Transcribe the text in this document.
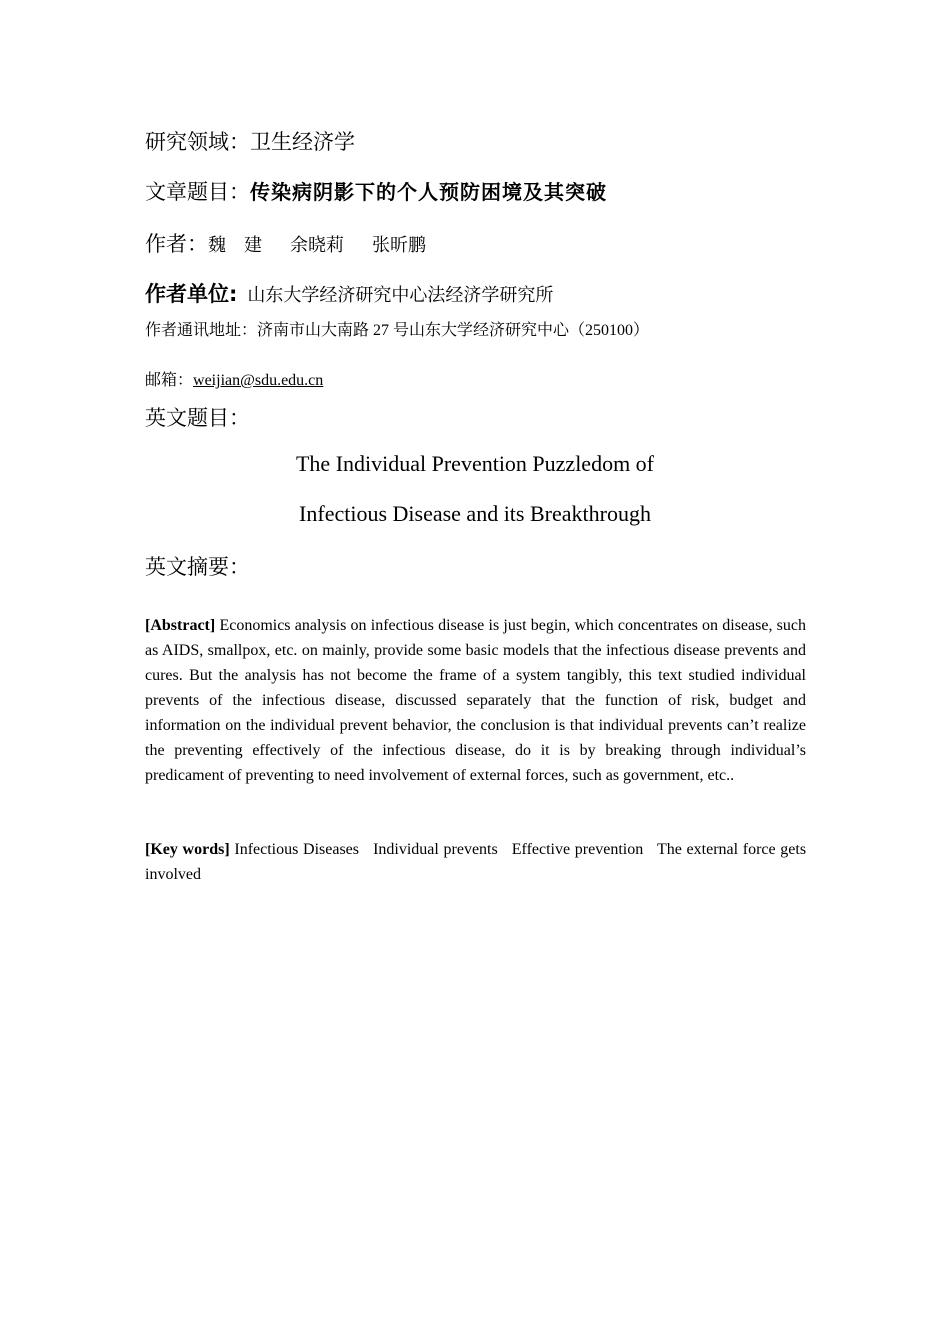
研究领域：卫生经济学
文章题目：传染病阴影下的个人预防困境及其突破
作者：魏　建 余晓莉 张昕鹏
作者单位: 山东大学经济研究中心法经济学研究所
作者通讯地址：济南市山大南路 27 号山东大学经济研究中心（250100）
邮箱：weijian@sdu.edu.cn
英文题目：
The Individual Prevention Puzzledom of
Infectious Disease and its Breakthrough
英文摘要：
[Abstract] Economics analysis on infectious disease is just begin, which concentrates on disease, such as AIDS, smallpox, etc. on mainly, provide some basic models that the infectious disease prevents and cures. But the analysis has not become the frame of a system tangibly, this text studied individual prevents of the infectious disease, discussed separately that the function of risk, budget and information on the individual prevent behavior, the conclusion is that individual prevents can’t realize the preventing effectively of the infectious disease, do it is by breaking through individual’s predicament of preventing to need involvement of external forces, such as government, etc..
[Key words] Infectious Diseases Individual prevents Effective prevention The external force gets involved
